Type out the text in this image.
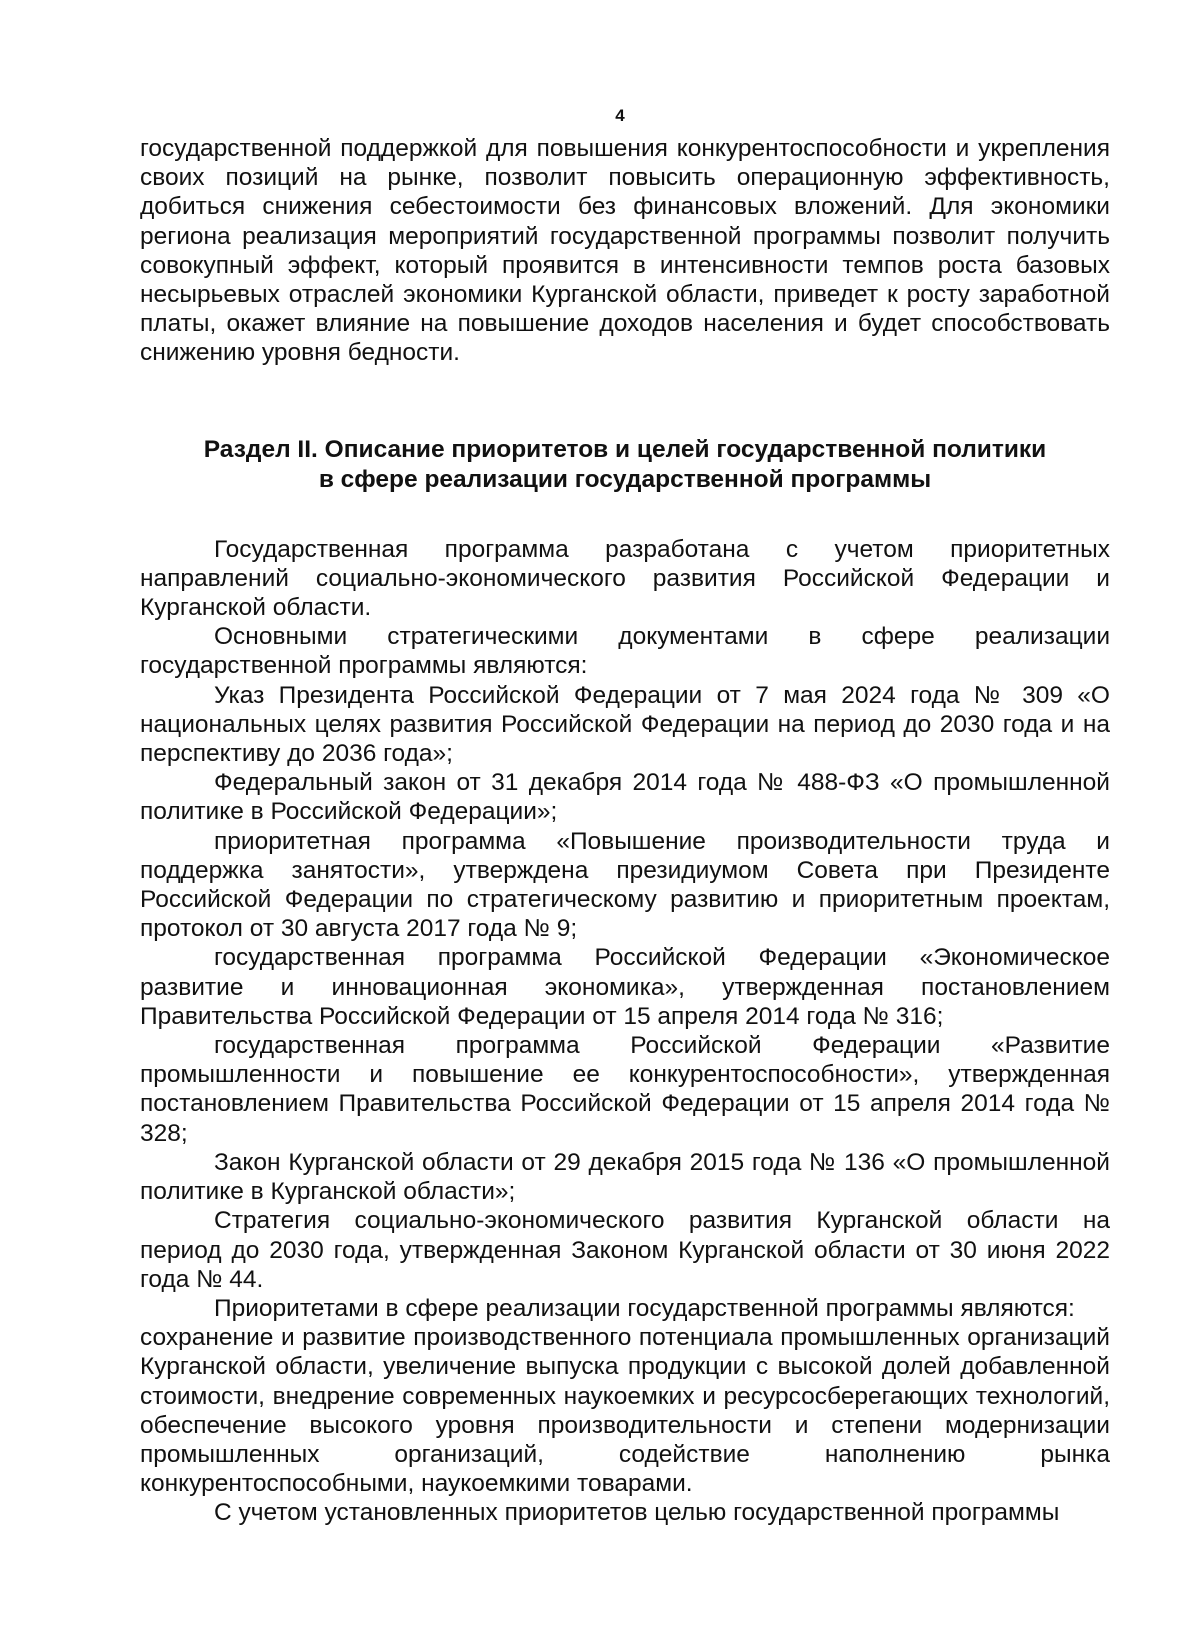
4

государственной поддержкой для повышения конкурентоспособности и укрепления своих позиций на рынке, позволит повысить операционную эффективность, добиться снижения себестоимости без финансовых вложений. Для экономики региона реализация мероприятий государственной программы позволит получить совокупный эффект, который проявится в интенсивности темпов роста базовых несырьевых отраслей экономики Курганской области, приведет к росту заработной платы, окажет влияние на повышение доходов населения и будет способствовать снижению уровня бедности.

Раздел II. Описание приоритетов и целей государственной политики
в сфере реализации государственной программы

Государственная программа разработана с учетом приоритетных направлений социально-экономического развития Российской Федерации и Курганской области.

Основными стратегическими документами в сфере реализации государственной программы являются:

Указ Президента Российской Федерации от 7 мая 2024 года № 309 «О национальных целях развития Российской Федерации на период до 2030 года и на перспективу до 2036 года»;

Федеральный закон от 31 декабря 2014 года № 488-ФЗ «О промышленной политике в Российской Федерации»;

приоритетная программа «Повышение производительности труда и поддержка занятости», утверждена президиумом Совета при Президенте Российской Федерации по стратегическому развитию и приоритетным проектам, протокол от 30 августа 2017 года № 9;

государственная программа Российской Федерации «Экономическое развитие и инновационная экономика», утвержденная постановлением Правительства Российской Федерации от 15 апреля 2014 года № 316;

государственная программа Российской Федерации «Развитие промышленности и повышение ее конкурентоспособности», утвержденная постановлением Правительства Российской Федерации от 15 апреля 2014 года № 328;

Закон Курганской области от 29 декабря 2015 года № 136 «О промышленной политике в Курганской области»;

Стратегия социально-экономического развития Курганской области на период до 2030 года, утвержденная Законом Курганской области от 30 июня 2022 года № 44.

Приоритетами в сфере реализации государственной программы являются:

сохранение и развитие производственного потенциала промышленных организаций Курганской области, увеличение выпуска продукции с высокой долей добавленной стоимости, внедрение современных наукоемких и ресурсосберегающих технологий, обеспечение высокого уровня производительности и степени модернизации промышленных организаций, содействие наполнению рынка конкурентоспособными, наукоемкими товарами.

С учетом установленных приоритетов целью государственной программы
